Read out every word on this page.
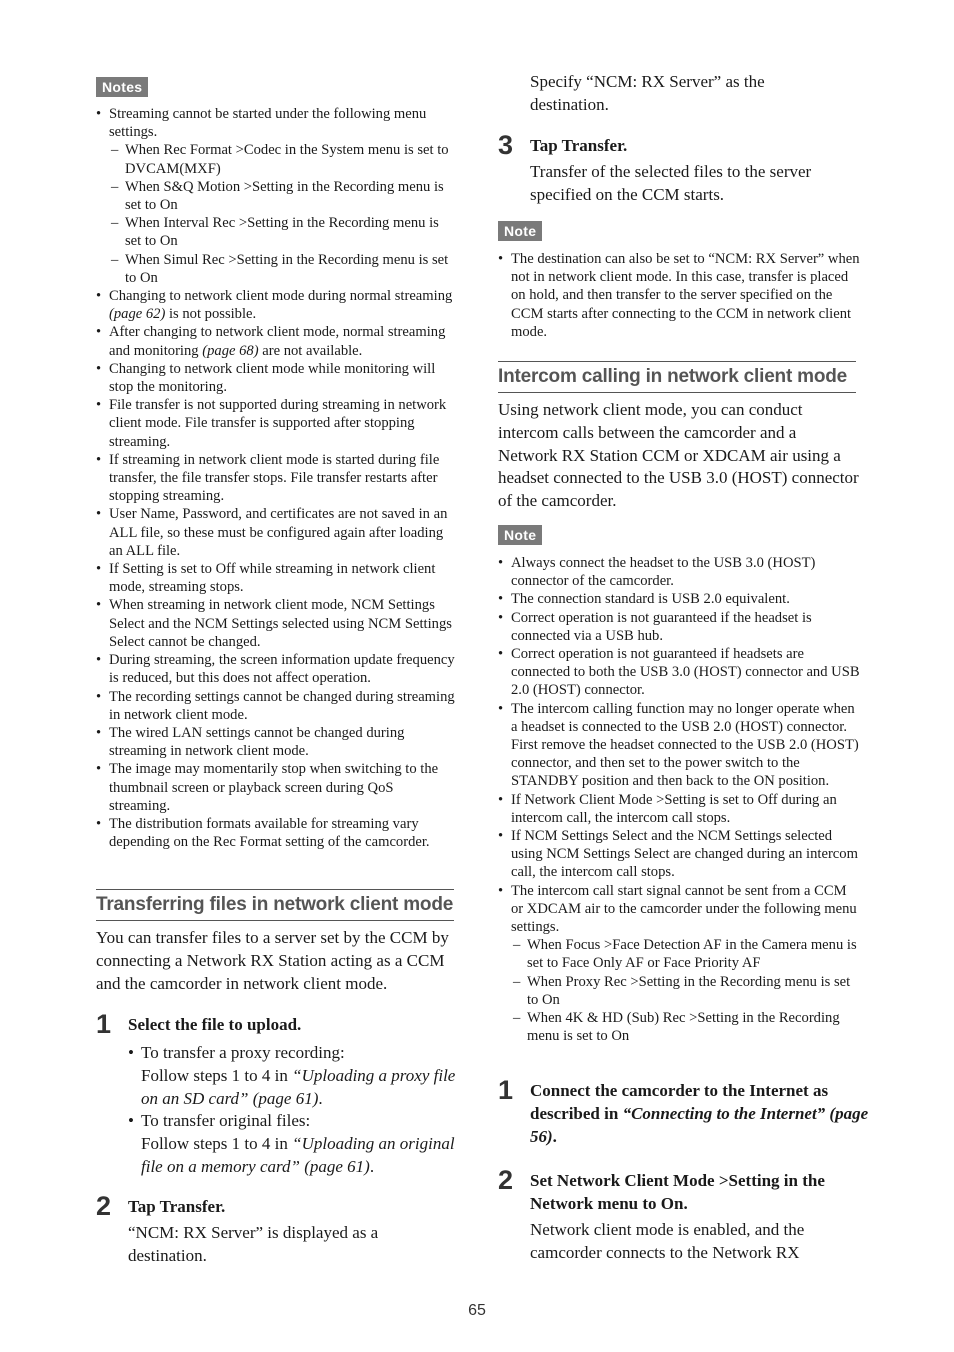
Notes
• Streaming cannot be started under the following menu settings.
– When Rec Format >Codec in the System menu is set to DVCAM(MXF)
– When S&Q Motion >Setting in the Recording menu is set to On
– When Interval Rec >Setting in the Recording menu is set to On
– When Simul Rec >Setting in the Recording menu is set to On
• Changing to network client mode during normal streaming (page 62) is not possible.
• After changing to network client mode, normal streaming and monitoring (page 68) are not available.
• Changing to network client mode while monitoring will stop the monitoring.
• File transfer is not supported during streaming in network client mode. File transfer is supported after stopping streaming.
• If streaming in network client mode is started during file transfer, the file transfer stops. File transfer restarts after stopping streaming.
• User Name, Password, and certificates are not saved in an ALL file, so these must be configured again after loading an ALL file.
• If Setting is set to Off while streaming in network client mode, streaming stops.
• When streaming in network client mode, NCM Settings Select and the NCM Settings selected using NCM Settings Select cannot be changed.
• During streaming, the screen information update frequency is reduced, but this does not affect operation.
• The recording settings cannot be changed during streaming in network client mode.
• The wired LAN settings cannot be changed during streaming in network client mode.
• The image may momentarily stop when switching to the thumbnail screen or playback screen during QoS streaming.
• The distribution formats available for streaming vary depending on the Rec Format setting of the camcorder.
Transferring files in network client mode

You can transfer files to a server set by the CCM by connecting a Network RX Station acting as a CCM and the camcorder in network client mode.

1 Select the file to upload.

• To transfer a proxy recording:
Follow steps 1 to 4 in “Uploading a proxy file on an SD card” (page 61).
• To transfer original files:
Follow steps 1 to 4 in “Uploading an original file on a memory card” (page 61).
2 Tap Transfer.

“NCM: RX Server” is displayed as a destination.

Specify “NCM: RX Server” as the destination.

3 Tap Transfer.

Transfer of the selected files to the server specified on the CCM starts.

Note
• The destination can also be set to “NCM: RX Server” when not in network client mode. In this case, transfer is placed on hold, and then transfer to the server specified on the CCM starts after connecting to the CCM in network client mode.
Intercom calling in network client mode

Using network client mode, you can conduct intercom calls between the camcorder and a Network RX Station CCM or XDCAM air using a headset connected to the USB 3.0 (HOST) connector of the camcorder.

Note
• Always connect the headset to the USB 3.0 (HOST) connector of the camcorder.
• The connection standard is USB 2.0 equivalent.
• Correct operation is not guaranteed if the headset is connected via a USB hub.
• Correct operation is not guaranteed if headsets are connected to both the USB 3.0 (HOST) connector and USB 2.0 (HOST) connector.
• The intercom calling function may no longer operate when a headset is connected to the USB 2.0 (HOST) connector. First remove the headset connected to the USB 2.0 (HOST) connector, and then set to the power switch to the STANDBY position and then back to the ON position.
• If Network Client Mode >Setting is set to Off during an intercom call, the intercom call stops.
• If NCM Settings Select and the NCM Settings selected using NCM Settings Select are changed during an intercom call, the intercom call stops.
• The intercom call start signal cannot be sent from a CCM or XDCAM air to the camcorder under the following menu settings.
– When Focus >Face Detection AF in the Camera menu is set to Face Only AF or Face Priority AF
– When Proxy Rec >Setting in the Recording menu is set to On
– When 4K & HD (Sub) Rec >Setting in the Recording menu is set to On
1 Connect the camcorder to the Internet as described in “Connecting to the Internet” (page 56).

2 Set Network Client Mode >Setting in the Network menu to On.

Network client mode is enabled, and the camcorder connects to the Network RX

65
